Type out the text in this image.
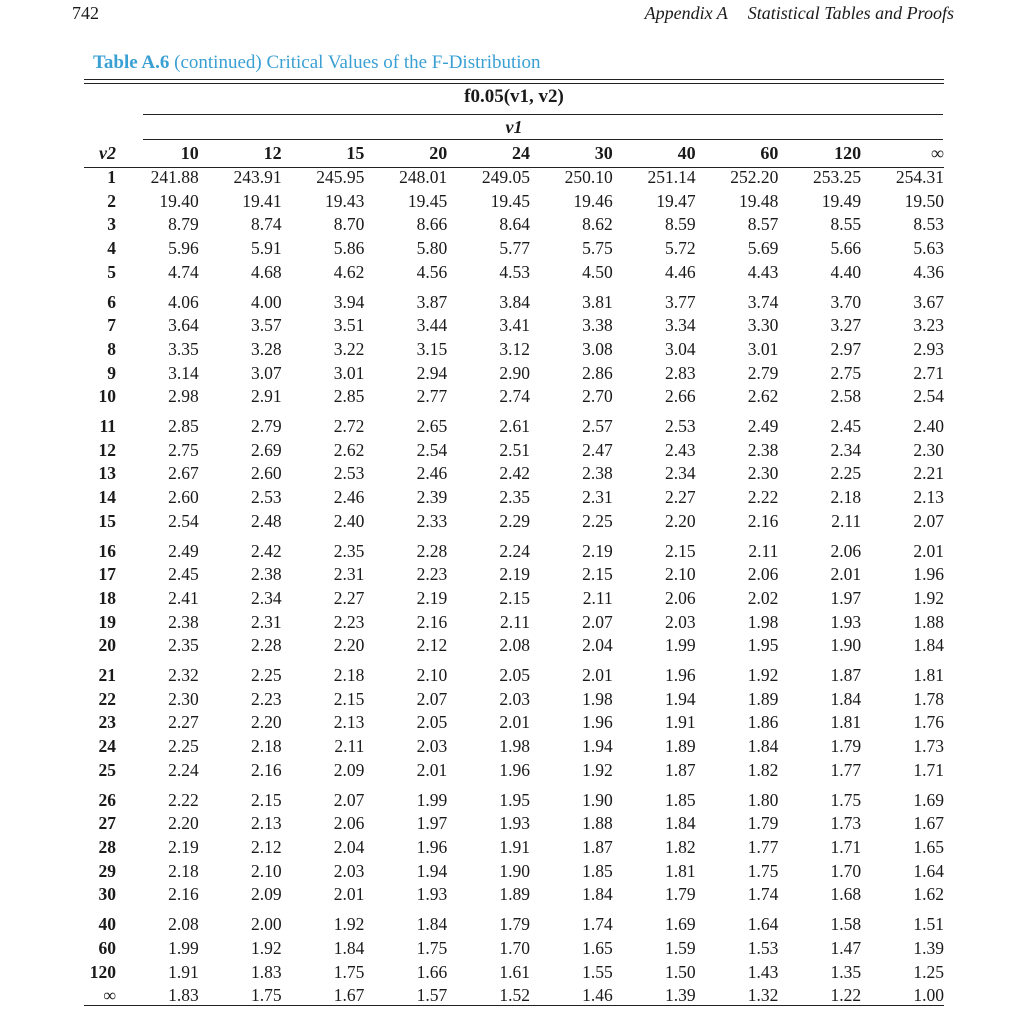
742	Appendix A Statistical Tables and Proofs
Table A.6 (continued) Critical Values of the F-Distribution
f0.05(v1, v2)
v1
v2	10	12	15	20	24	30	40	60	120	∞
1	241.88	243.91	245.95	248.01	249.05	250.10	251.14	252.20	253.25	254.31
2	19.40	19.41	19.43	19.45	19.45	19.46	19.47	19.48	19.49	19.50
3	8.79	8.74	8.70	8.66	8.64	8.62	8.59	8.57	8.55	8.53
4	5.96	5.91	5.86	5.80	5.77	5.75	5.72	5.69	5.66	5.63
5	4.74	4.68	4.62	4.56	4.53	4.50	4.46	4.43	4.40	4.36
6	4.06	4.00	3.94	3.87	3.84	3.81	3.77	3.74	3.70	3.67
7	3.64	3.57	3.51	3.44	3.41	3.38	3.34	3.30	3.27	3.23
8	3.35	3.28	3.22	3.15	3.12	3.08	3.04	3.01	2.97	2.93
9	3.14	3.07	3.01	2.94	2.90	2.86	2.83	2.79	2.75	2.71
10	2.98	2.91	2.85	2.77	2.74	2.70	2.66	2.62	2.58	2.54
11	2.85	2.79	2.72	2.65	2.61	2.57	2.53	2.49	2.45	2.40
12	2.75	2.69	2.62	2.54	2.51	2.47	2.43	2.38	2.34	2.30
13	2.67	2.60	2.53	2.46	2.42	2.38	2.34	2.30	2.25	2.21
14	2.60	2.53	2.46	2.39	2.35	2.31	2.27	2.22	2.18	2.13
15	2.54	2.48	2.40	2.33	2.29	2.25	2.20	2.16	2.11	2.07
16	2.49	2.42	2.35	2.28	2.24	2.19	2.15	2.11	2.06	2.01
17	2.45	2.38	2.31	2.23	2.19	2.15	2.10	2.06	2.01	1.96
18	2.41	2.34	2.27	2.19	2.15	2.11	2.06	2.02	1.97	1.92
19	2.38	2.31	2.23	2.16	2.11	2.07	2.03	1.98	1.93	1.88
20	2.35	2.28	2.20	2.12	2.08	2.04	1.99	1.95	1.90	1.84
21	2.32	2.25	2.18	2.10	2.05	2.01	1.96	1.92	1.87	1.81
22	2.30	2.23	2.15	2.07	2.03	1.98	1.94	1.89	1.84	1.78
23	2.27	2.20	2.13	2.05	2.01	1.96	1.91	1.86	1.81	1.76
24	2.25	2.18	2.11	2.03	1.98	1.94	1.89	1.84	1.79	1.73
25	2.24	2.16	2.09	2.01	1.96	1.92	1.87	1.82	1.77	1.71
26	2.22	2.15	2.07	1.99	1.95	1.90	1.85	1.80	1.75	1.69
27	2.20	2.13	2.06	1.97	1.93	1.88	1.84	1.79	1.73	1.67
28	2.19	2.12	2.04	1.96	1.91	1.87	1.82	1.77	1.71	1.65
29	2.18	2.10	2.03	1.94	1.90	1.85	1.81	1.75	1.70	1.64
30	2.16	2.09	2.01	1.93	1.89	1.84	1.79	1.74	1.68	1.62
40	2.08	2.00	1.92	1.84	1.79	1.74	1.69	1.64	1.58	1.51
60	1.99	1.92	1.84	1.75	1.70	1.65	1.59	1.53	1.47	1.39
120	1.91	1.83	1.75	1.66	1.61	1.55	1.50	1.43	1.35	1.25
∞	1.83	1.75	1.67	1.57	1.52	1.46	1.39	1.32	1.22	1.00
